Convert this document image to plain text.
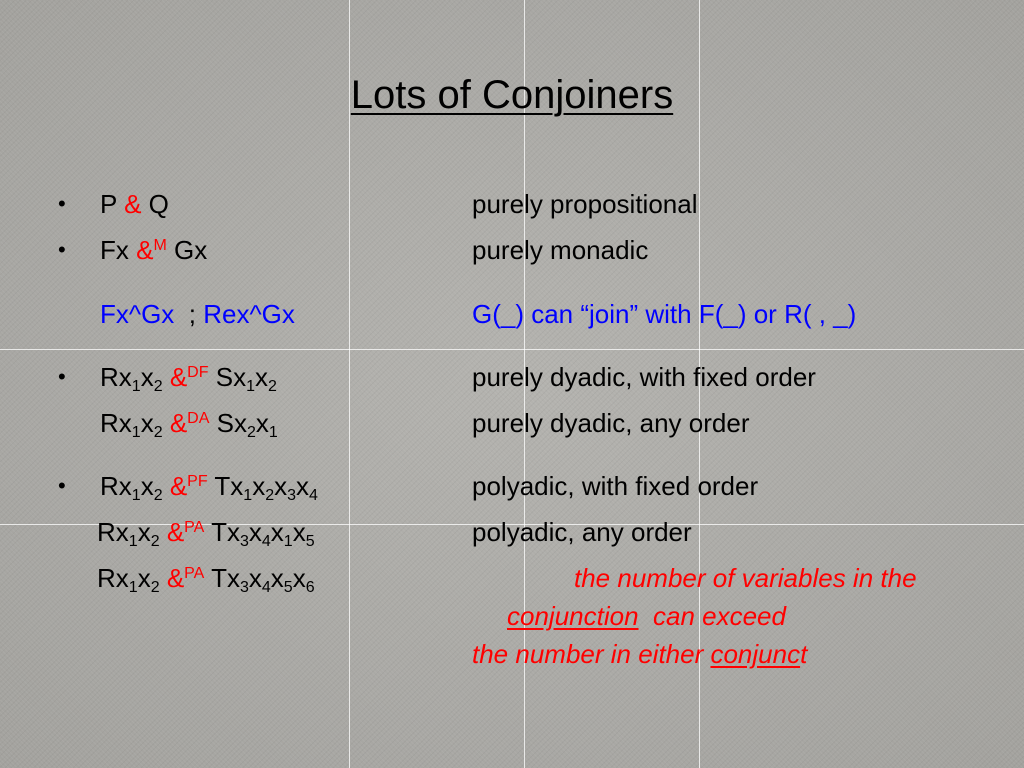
Lots of Conjoiners
• P & Q	purely propositional
• Fx &$^M$ Gx	purely monadic
Fx^Gx  ; Rex^Gx	G(_) can “join” with F(_) or R( , _)
• $Rx_1x_2$ &$^{DF}$ $Sx_1x_2$	purely dyadic, with fixed order
$Rx_1x_2$ &$^{DA}$ $Sx_2x_1$	purely dyadic, any order
• $Rx_1x_2$ &$^{PF}$ $Tx_1x_2x_3x_4$	polyadic, with fixed order
$Rx_1x_2$ &$^{PA}$ $Tx_3x_4x_1x_5$	polyadic, any order
$Rx_1x_2$ &$^{PA}$ $Tx_3x_4x_5x_6$	the number of variables in the
conjunction  can exceed
the number in either conjunct
